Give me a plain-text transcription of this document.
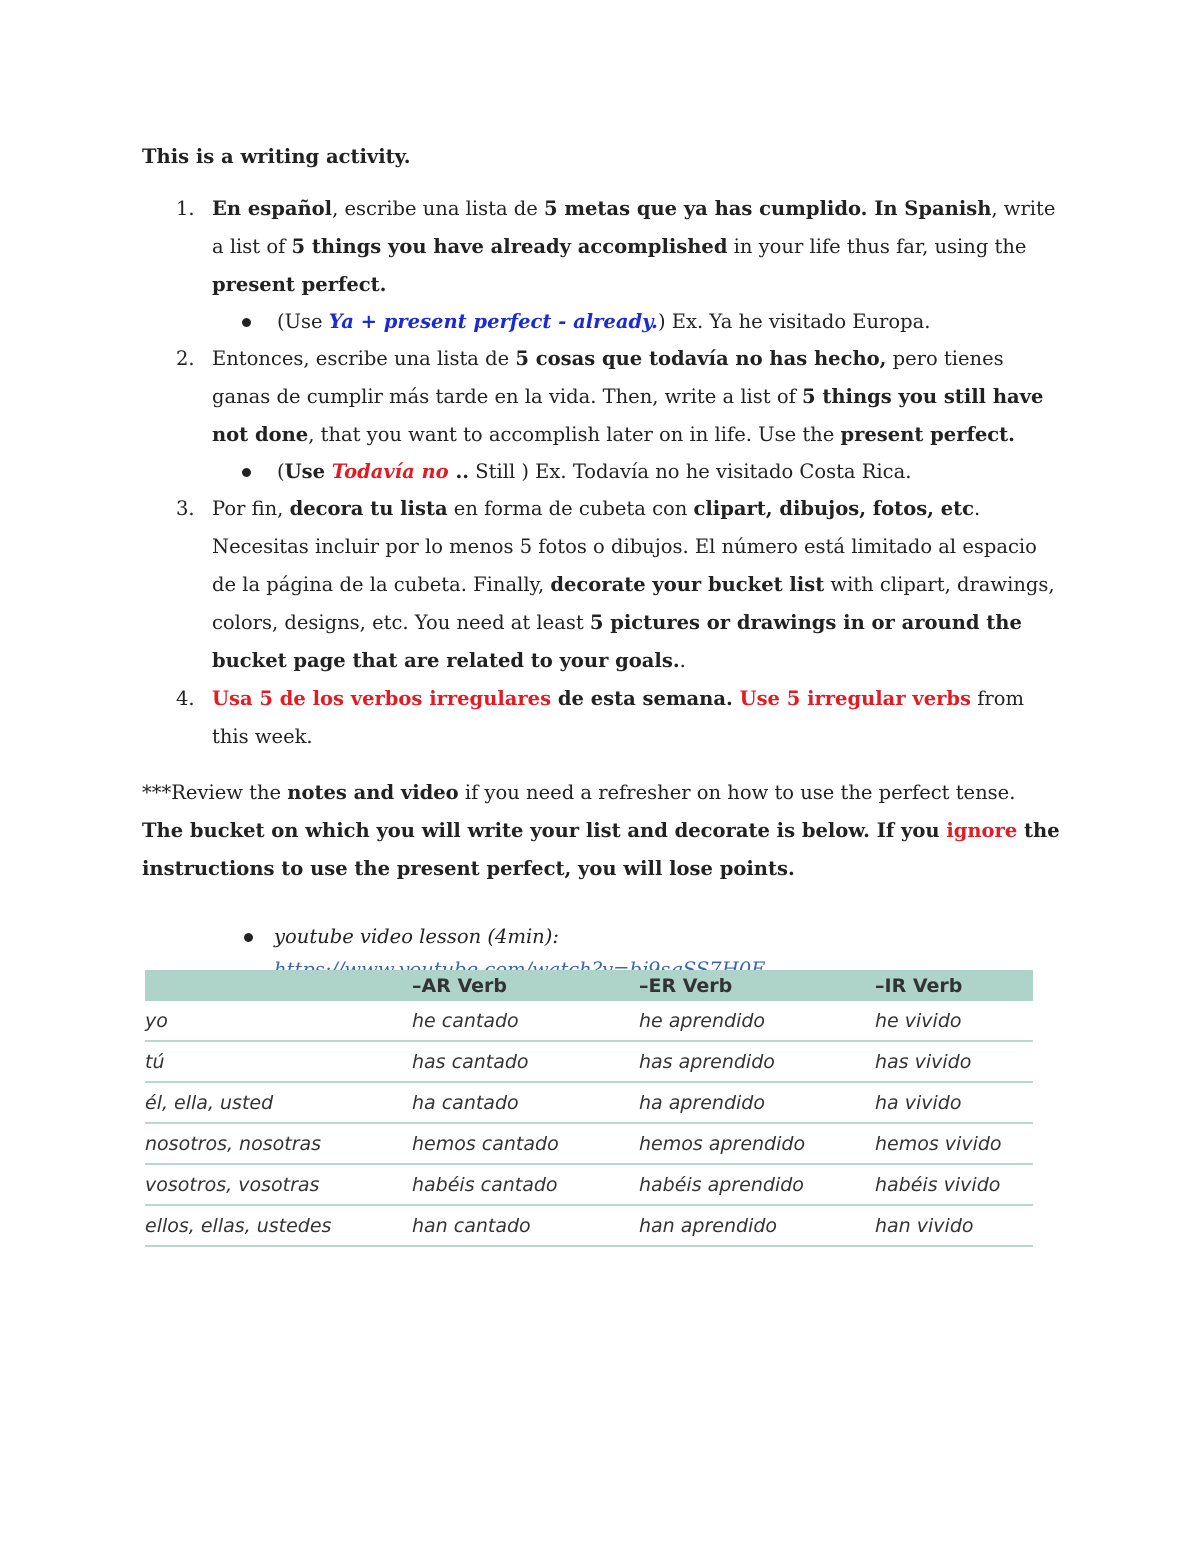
This is a writing activity.
1. En español, escribe una lista de 5 metas que ya has cumplido. In Spanish, write a list of 5 things you have already accomplished in your life thus far, using the present perfect.
(Use Ya + present perfect - already.) Ex. Ya he visitado Europa.
2. Entonces, escribe una lista de 5 cosas que todavía no has hecho, pero tienes ganas de cumplir más tarde en la vida. Then, write a list of 5 things you still have not done, that you want to accomplish later on in life. Use the present perfect.
(Use Todavía no .. Still ) Ex. Todavía no he visitado Costa Rica.
3. Por fin, decora tu lista en forma de cubeta con clipart, dibujos, fotos, etc. Necesitas incluir por lo menos 5 fotos o dibujos. El número está limitado al espacio de la página de la cubeta. Finally, decorate your bucket list with clipart, drawings, colors, designs, etc. You need at least 5 pictures or drawings in or around the bucket page that are related to your goals..
4. Usa 5 de los verbos irregulares de esta semana. Use 5 irregular verbs from this week.
***Review the notes and video if you need a refresher on how to use the perfect tense. The bucket on which you will write your list and decorate is below. If you ignore the instructions to use the present perfect, you will lose points.
youtube video lesson (4min):
	–AR Verb	–ER Verb	–IR Verb
yo	he cantado	he aprendido	he vivido
tú	has cantado	has aprendido	has vivido
él, ella, usted	ha cantado	ha aprendido	ha vivido
nosotros, nosotras	hemos cantado	hemos aprendido	hemos vivido
vosotros, vosotras	habéis cantado	habéis aprendido	habéis vivido
ellos, ellas, ustedes	han cantado	han aprendido	han vivido
